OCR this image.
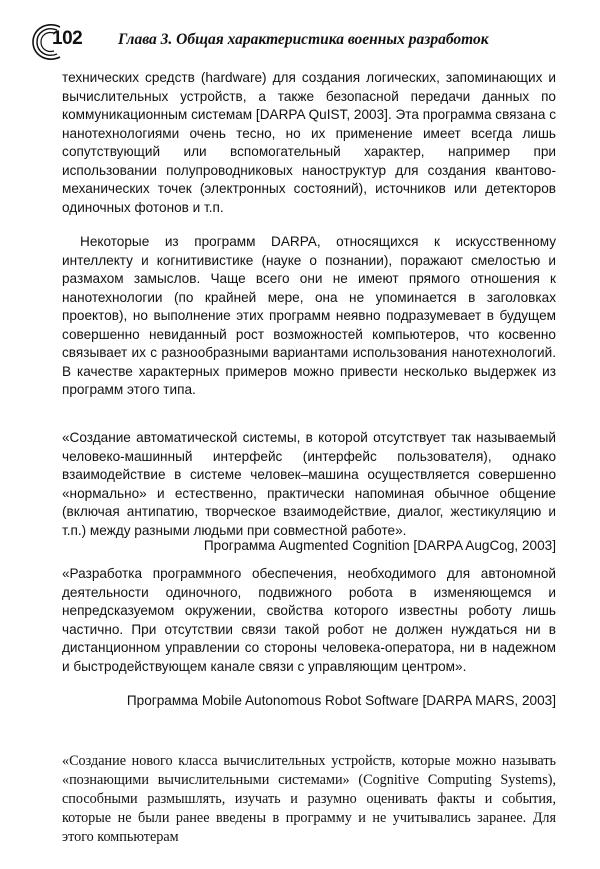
102 Глава 3. Общая характеристика военных разработок

технических средств (hardware) для создания логических, запоминающих и вычислительных устройств, а также безопасной передачи данных по коммуникационным системам [DARPA QuIST, 2003]. Эта программа связана с нанотехнологиями очень тесно, но их применение имеет всегда лишь сопутствующий или вспомогательный характер, например при использовании полупроводниковых наноструктур для создания квантово-механических точек (электронных состояний), источников или детекторов одиночных фотонов и т.п.

Некоторые из программ DARPA, относящихся к искусственному интеллекту и когнитивистике (науке о познании), поражают смелостью и размахом замыслов. Чаще всего они не имеют прямого отношения к нанотехнологии (по крайней мере, она не упоминается в заголовках проектов), но выполнение этих программ неявно подразумевает в будущем совершенно невиданный рост возможностей компьютеров, что косвенно связывает их с разнообразными вариантами использования нанотехнологий. В качестве характерных примеров можно привести несколько выдержек из программ этого типа.

«Создание автоматической системы, в которой отсутствует так называемый человеко-машинный интерфейс (интерфейс пользователя), однако взаимодействие в системе человек–машина осуществляется совершенно «нормально» и естественно, практически напоминая обычное общение (включая антипатию, творческое взаимодействие, диалог, жестикуляцию и т.п.) между разными людьми при совместной работе».

Программа Augmented Cognition [DARPA AugCog, 2003]

«Разработка программного обеспечения, необходимого для автономной деятельности одиночного, подвижного робота в изменяющемся и непредсказуемом окружении, свойства которого известны роботу лишь частично. При отсутствии связи такой робот не должен нуждаться ни в дистанционном управлении со стороны человека-оператора, ни в надежном и быстродействующем канале связи с управляющим центром».

Программа Mobile Autonomous Robot Software [DARPA MARS, 2003]

«Создание нового класса вычислительных устройств, которые можно называть «познающими вычислительными системами» (Cognitive Computing Systems), способными размышлять, изучать и разумно оценивать факты и события, которые не были ранее введены в программу и не учитывались заранее. Для этого компьютерам
